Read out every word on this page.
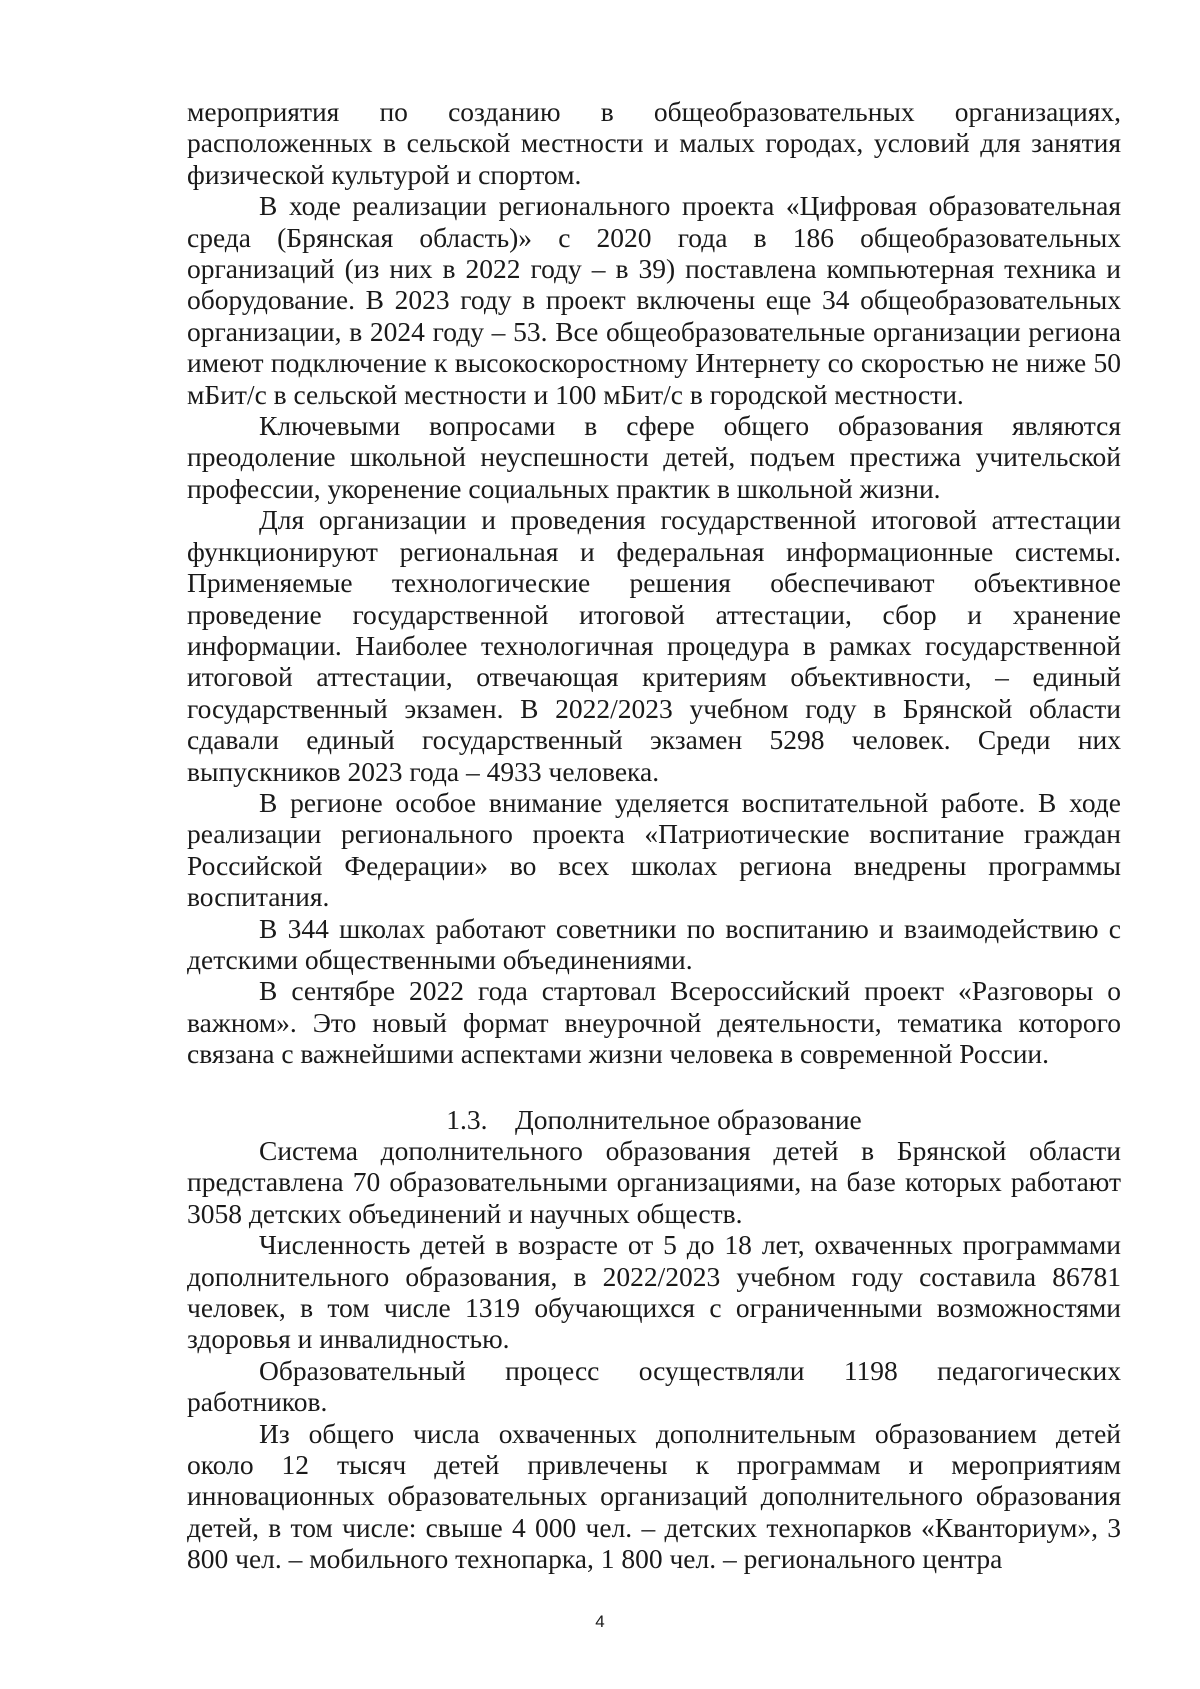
мероприятия по созданию в общеобразовательных организациях, расположенных в сельской местности и малых городах, условий для занятия физической культурой и спортом.

В ходе реализации регионального проекта «Цифровая образовательная среда (Брянская область)» с 2020 года в 186 общеобразовательных организаций (из них в 2022 году – в 39) поставлена компьютерная техника и оборудование. В 2023 году в проект включены еще 34 общеобразовательных организации, в 2024 году – 53. Все общеобразовательные организации региона имеют подключение к высокоскоростному Интернету со скоростью не ниже 50 мБит/с в сельской местности и 100 мБит/с в городской местности.

Ключевыми вопросами в сфере общего образования являются преодоление школьной неуспешности детей, подъем престижа учительской профессии, укоренение социальных практик в школьной жизни.

Для организации и проведения государственной итоговой аттестации функционируют региональная и федеральная информационные системы. Применяемые технологические решения обеспечивают объективное проведение государственной итоговой аттестации, сбор и хранение информации. Наиболее технологичная процедура в рамках государственной итоговой аттестации, отвечающая критериям объективности, – единый государственный экзамен. В 2022/2023 учебном году в Брянской области сдавали единый государственный экзамен 5298 человек. Среди них выпускников 2023 года – 4933 человека.

В регионе особое внимание уделяется воспитательной работе. В ходе реализации регионального проекта «Патриотические воспитание граждан Российской Федерации» во всех школах региона внедрены программы воспитания.

В 344 школах работают советники по воспитанию и взаимодействию с детскими общественными объединениями.

В сентябре 2022 года стартовал Всероссийский проект «Разговоры о важном». Это новый формат внеурочной деятельности, тематика которого связана с важнейшими аспектами жизни человека в современной России.

1.3.    Дополнительное образование

Система дополнительного образования детей в Брянской области представлена 70 образовательными организациями, на базе которых работают 3058 детских объединений и научных обществ.

Численность детей в возрасте от 5 до 18 лет, охваченных программами дополнительного образования, в 2022/2023 учебном году составила 86781 человек, в том числе 1319 обучающихся с ограниченными возможностями здоровья и инвалидностью.

Образовательный процесс осуществляли 1198 педагогических работников.

Из общего числа охваченных дополнительным образованием детей около 12 тысяч детей привлечены к программам и мероприятиям инновационных образовательных организаций дополнительного образования детей, в том числе: свыше 4 000 чел. – детских технопарков «Кванториум», 3 800 чел. – мобильного технопарка, 1 800 чел. – регионального центра

4
